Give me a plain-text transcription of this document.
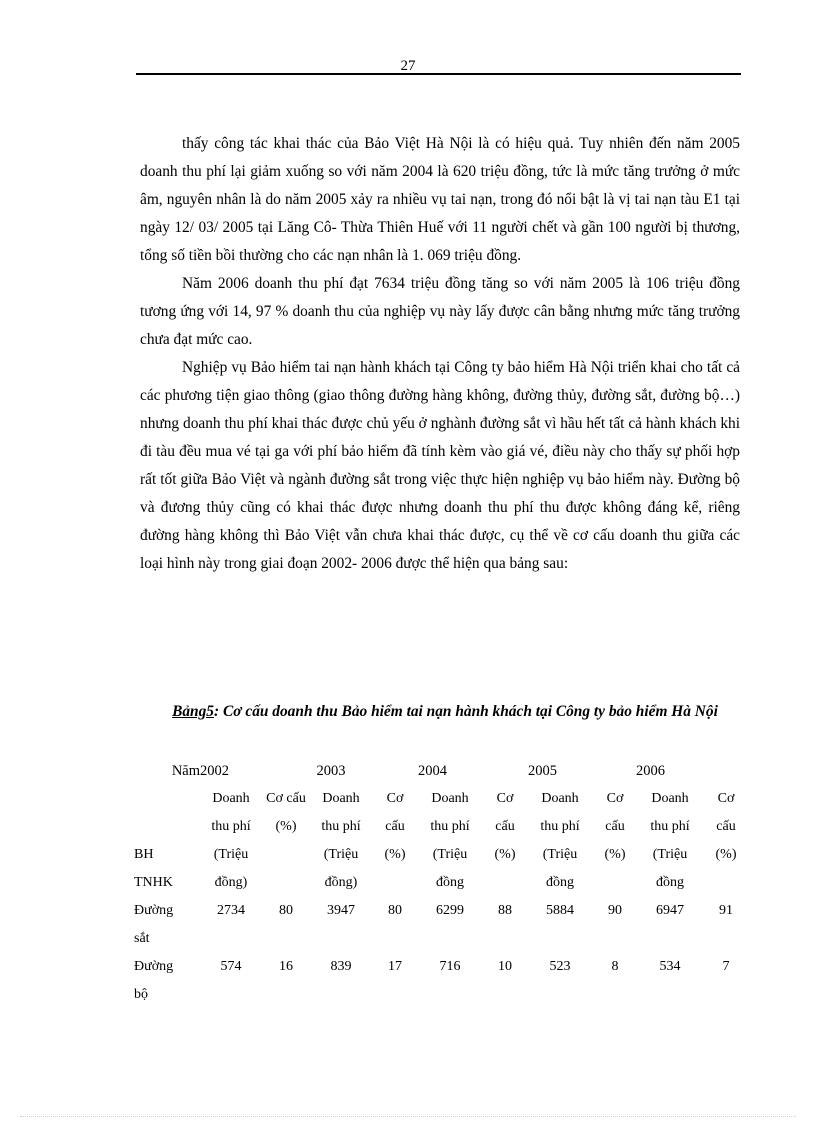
27

thấy công tác khai thác của Bảo Việt Hà Nội là có hiệu quả. Tuy nhiên đến năm 2005 doanh thu phí lại giảm xuống so với năm 2004 là 620 triệu đồng, tức là mức tăng trưởng ở mức âm, nguyên nhân là do năm 2005 xảy ra nhiều vụ tai nạn, trong đó nổi bật là vị tai nạn tàu E1 tại ngày 12/ 03/ 2005 tại Lăng Cô- Thừa Thiên Huế với 11 người chết và gần 100 người bị thương, tổng số tiền bồi thường cho các nạn nhân là 1. 069 triệu đồng.

Năm 2006 doanh thu phí đạt 7634 triệu đồng tăng so với năm 2005 là 106 triệu đồng tương ứng với 14, 97 % doanh thu của nghiệp vụ này lấy được cân bằng nhưng mức tăng trưởng chưa đạt mức cao.

Nghiệp vụ Bảo hiểm tai nạn hành khách tại Công ty bảo hiểm Hà Nội triển khai cho tất cả các phương tiện giao thông (giao thông đường hàng không, đường thủy, đường sắt, đường bộ…) nhưng doanh thu phí khai thác được chủ yếu ở nghành đường sắt vì hầu hết tất cả hành khách khi đi tàu đều mua vé tại ga với phí bảo hiểm đã tính kèm vào giá vé, điều này cho thấy sự phối hợp rất tốt giữa Bảo Việt và ngành đường sắt trong việc thực hiện nghiệp vụ bảo hiểm này. Đường bộ và đương thủy cũng có khai thác được nhưng doanh thu phí thu được không đáng kể, riêng đường hàng không thì Bảo Việt vẫn chưa khai thác được, cụ thể về cơ cấu doanh thu giữa các loại hình này trong giai đoạn 2002- 2006 được thể hiện qua bảng sau:

Bảng5: Cơ cấu doanh thu Bảo hiểm tai nạn hành khách tại Công ty bảo hiểm Hà Nội
Năm	2002		2003		2004		2005		2006	
	Doanh	Cơ cấu	Doanh	Cơ	Doanh	Cơ	Doanh	Cơ	Doanh	Cơ
	thu phí	(%)	thu phí	cấu	thu phí	cấu	thu phí	cấu	thu phí	cấu
BH	(Triệu		(Triệu	(%)	(Triệu	(%)	(Triệu	(%)	(Triệu	(%)
TNHK	đồng)		đồng)		đồng		đồng		đồng	
Đường	2734	80	3947	80	6299	88	5884	90	6947	91
sắt	
Đường	574	16	839	17	716	10	523	8	534	7
bộ	
